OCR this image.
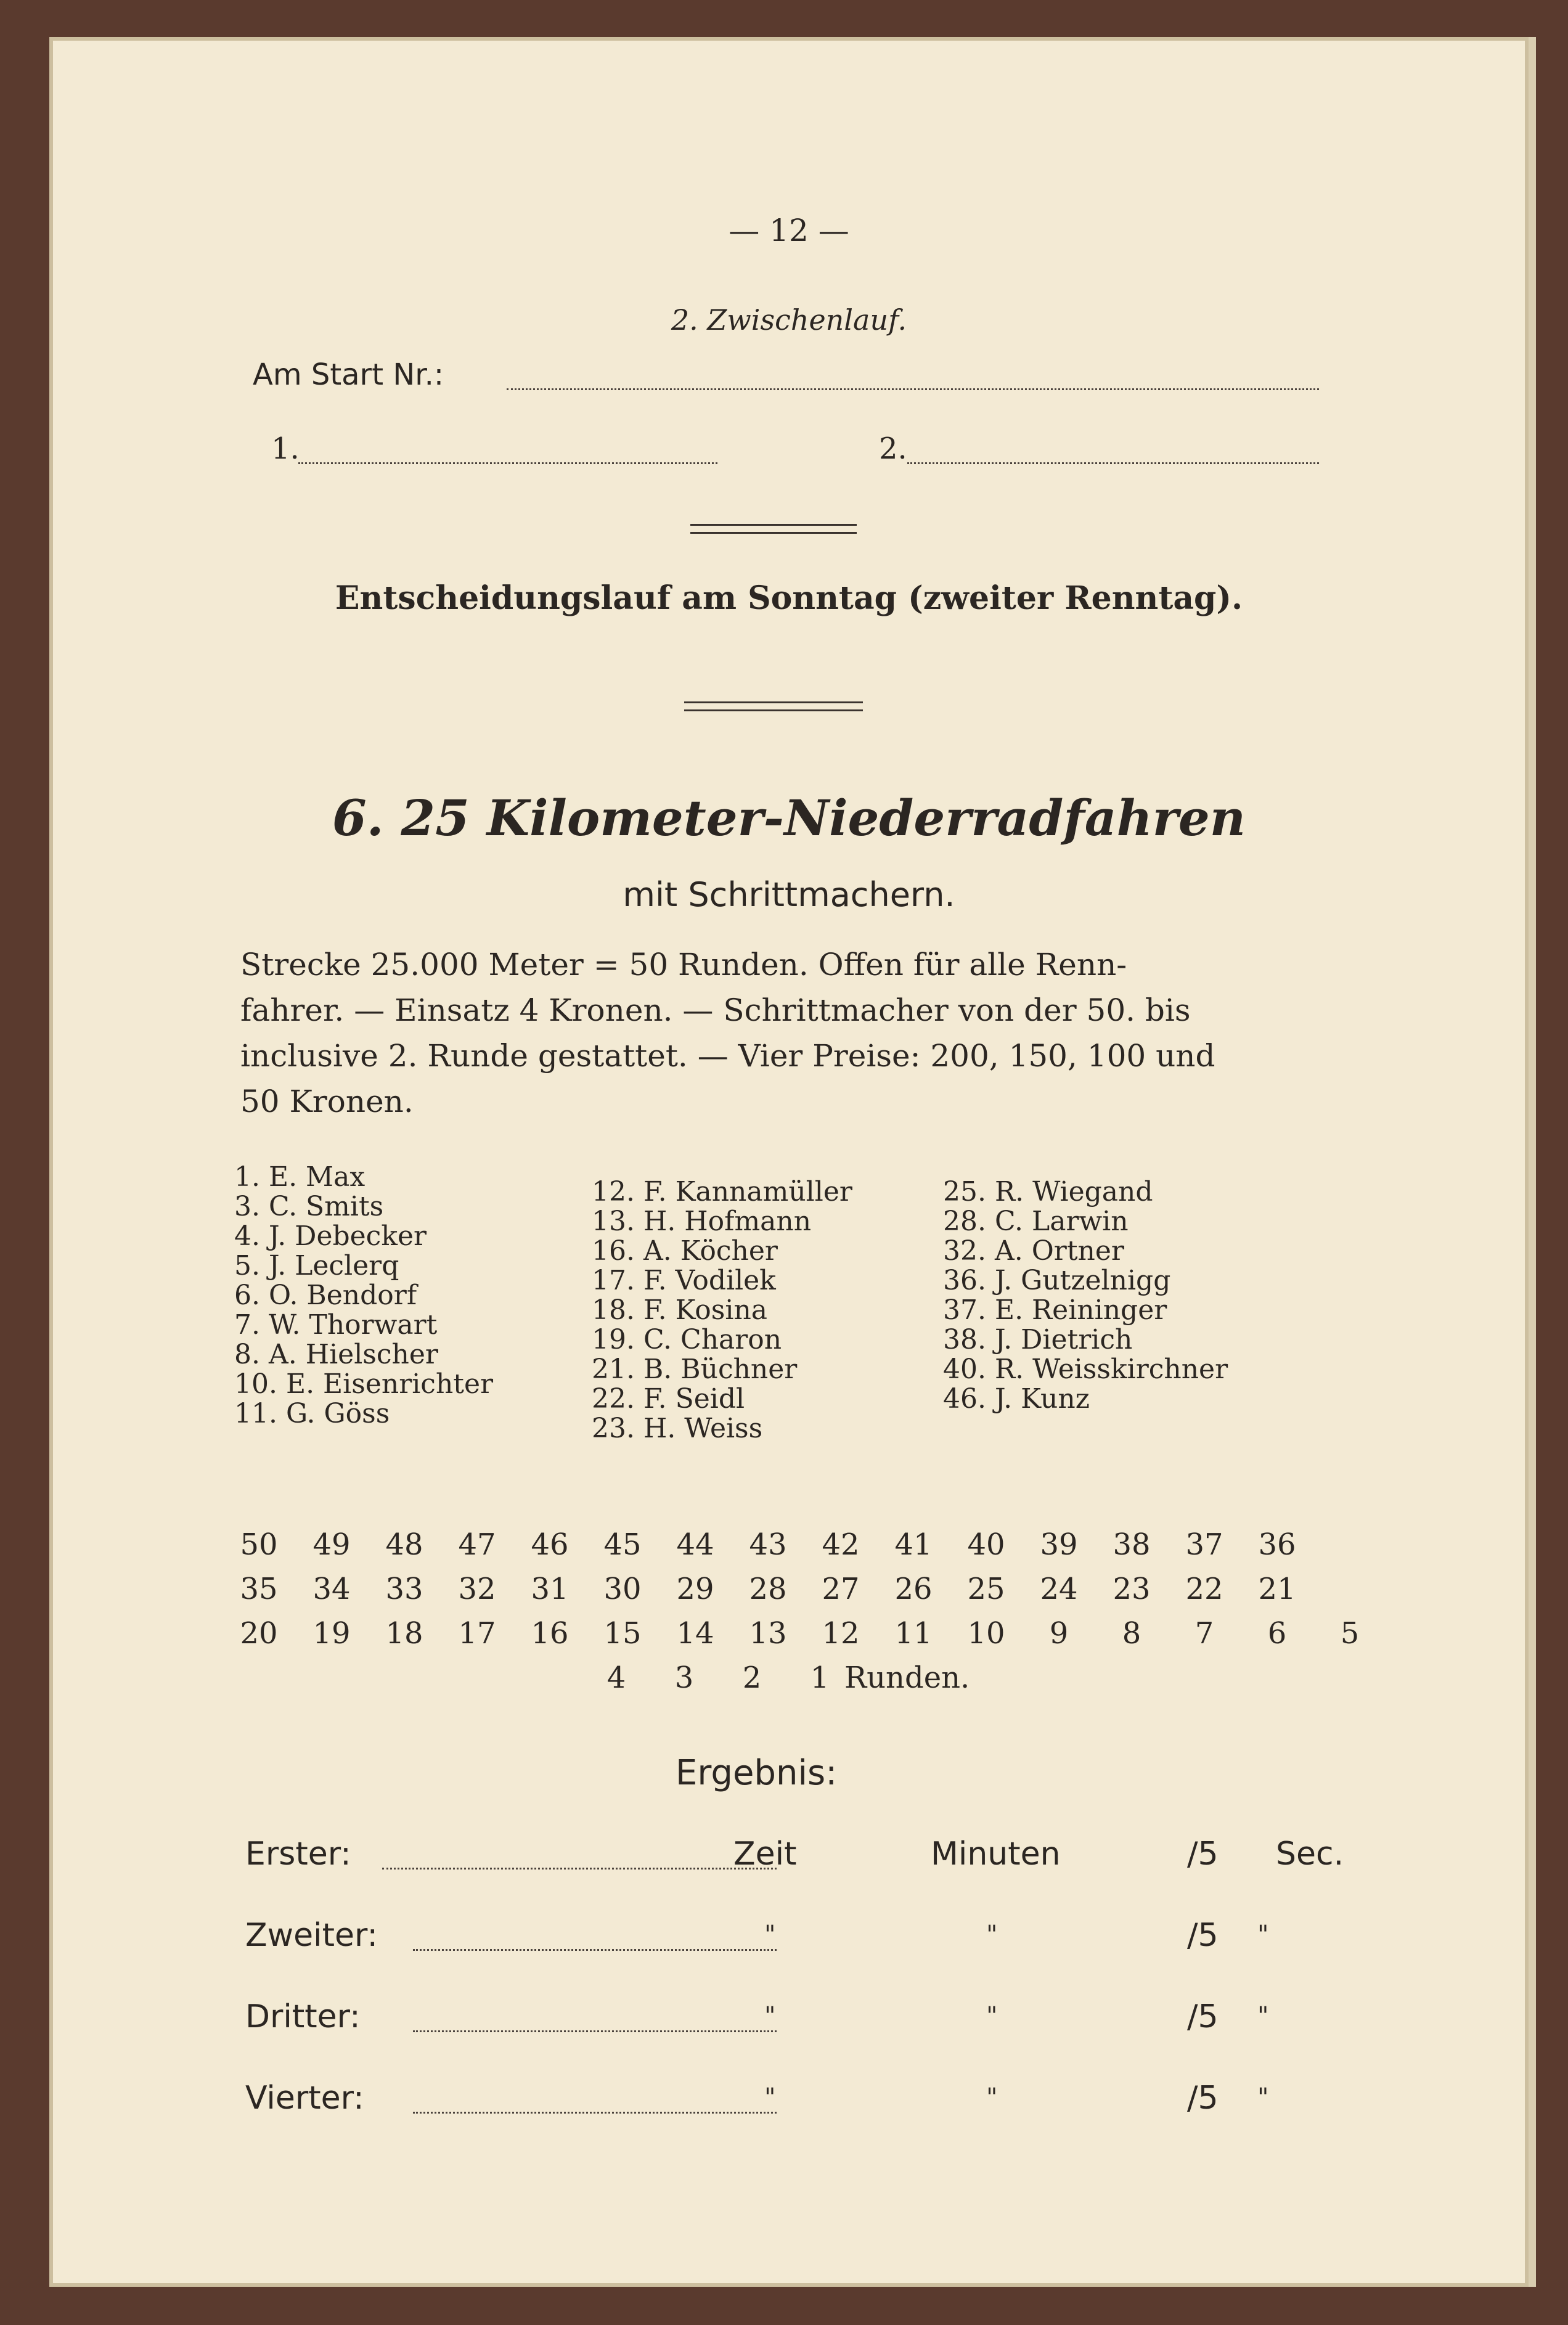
— 12 —
2. Zwischenlauf.
Am Start Nr.:
1.	2.
Entscheidungslauf am Sonntag (zweiter Renntag).
6. 25 Kilometer-Niederradfahren
mit Schrittmachern.
Strecke 25.000 Meter = 50 Runden. Offen für alle Renn-
fahrer. — Einsatz 4 Kronen. — Schrittmacher von der 50. bis
inclusive 2. Runde gestattet. — Vier Preise: 200, 150, 100 und
50 Kronen.
1. E. Max
3. C. Smits
4. J. Debecker
5. J. Leclerq
6. O. Bendorf
7. W. Thorwart
8. A. Hielscher
10. E. Eisenrichter
11. G. Göss
12. F. Kannamüller
13. H. Hofmann
16. A. Köcher
17. F. Vodilek
18. F. Kosina
19. C. Charon
21. B. Büchner
22. F. Seidl
23. H. Weiss
25. R. Wiegand
28. C. Larwin
32. A. Ortner
36. J. Gutzelnigg
37. E. Reininger
38. J. Dietrich
40. R. Weisskirchner
46. J. Kunz
50 49 48 47 46 45 44 43 42 41 40 39 38 37 36
35 34 33 32 31 30 29 28 27 26 25 24 23 22 21
20 19 18 17 16 15 14 13 12 11 10	9	8	7	6	5
4	3	2	1 Runden.
Ergebnis:
Erster:	Zeit	Minuten	/5 Sec.
Zweiter:	"	"	/5 "
Dritter:	"	"	/5 "
Vierter:	"	"	/5 "
